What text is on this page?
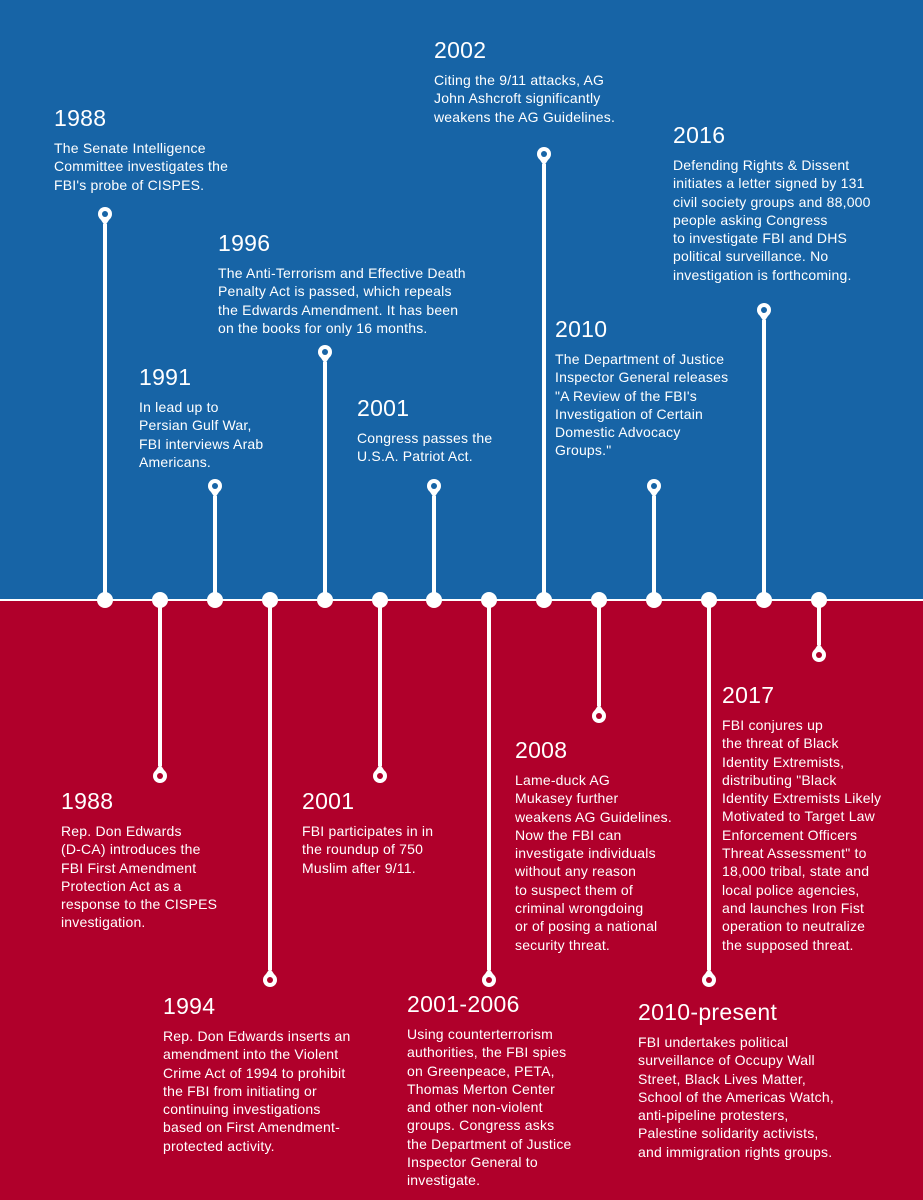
1988
The Senate Intelligence
Committee investigates the
FBI's probe of CISPES.
1991
In lead up to
Persian Gulf War,
FBI interviews Arab
Americans.
1996
The Anti-Terrorism and Effective Death
Penalty Act is passed, which repeals
the Edwards Amendment. It has been
on the books for only 16 months.
2001
Congress passes the
U.S.A. Patriot Act.
2002
Citing the 9/11 attacks, AG
John Ashcroft significantly
weakens the AG Guidelines.
2010
The Department of Justice
Inspector General releases
"A Review of the FBI's
Investigation of Certain
Domestic Advocacy
Groups."
2016
Defending Rights & Dissent
initiates a letter signed by 131
civil society groups and 88,000
people asking Congress
to investigate FBI and DHS
political surveillance. No
investigation is forthcoming.
1988
Rep. Don Edwards
(D-CA) introduces the
FBI First Amendment
Protection Act as a
response to the CISPES
investigation.
1994
Rep. Don Edwards inserts an
amendment into the Violent
Crime Act of 1994 to prohibit
the FBI from initiating or
continuing investigations
based on First Amendment-
protected activity.
2001
FBI participates in in
the roundup of 750
Muslim after 9/11.
2001-2006
Using counterterrorism
authorities, the FBI spies
on Greenpeace, PETA,
Thomas Merton Center
and other non-violent
groups. Congress asks
the Department of Justice
Inspector General to
investigate.
2008
Lame-duck AG
Mukasey further
weakens AG Guidelines.
Now the FBI can
investigate individuals
without any reason
to suspect them of
criminal wrongdoing
or of posing a national
security threat.
2010-present
FBI undertakes political
surveillance of Occupy Wall
Street, Black Lives Matter,
School of the Americas Watch,
anti-pipeline protesters,
Palestine solidarity activists,
and immigration rights groups.
2017
FBI conjures up
the threat of Black
Identity Extremists,
distributing "Black
Identity Extremists Likely
Motivated to Target Law
Enforcement Officers
Threat Assessment" to
18,000 tribal, state and
local police agencies,
and launches Iron Fist
operation to neutralize
the supposed threat.
